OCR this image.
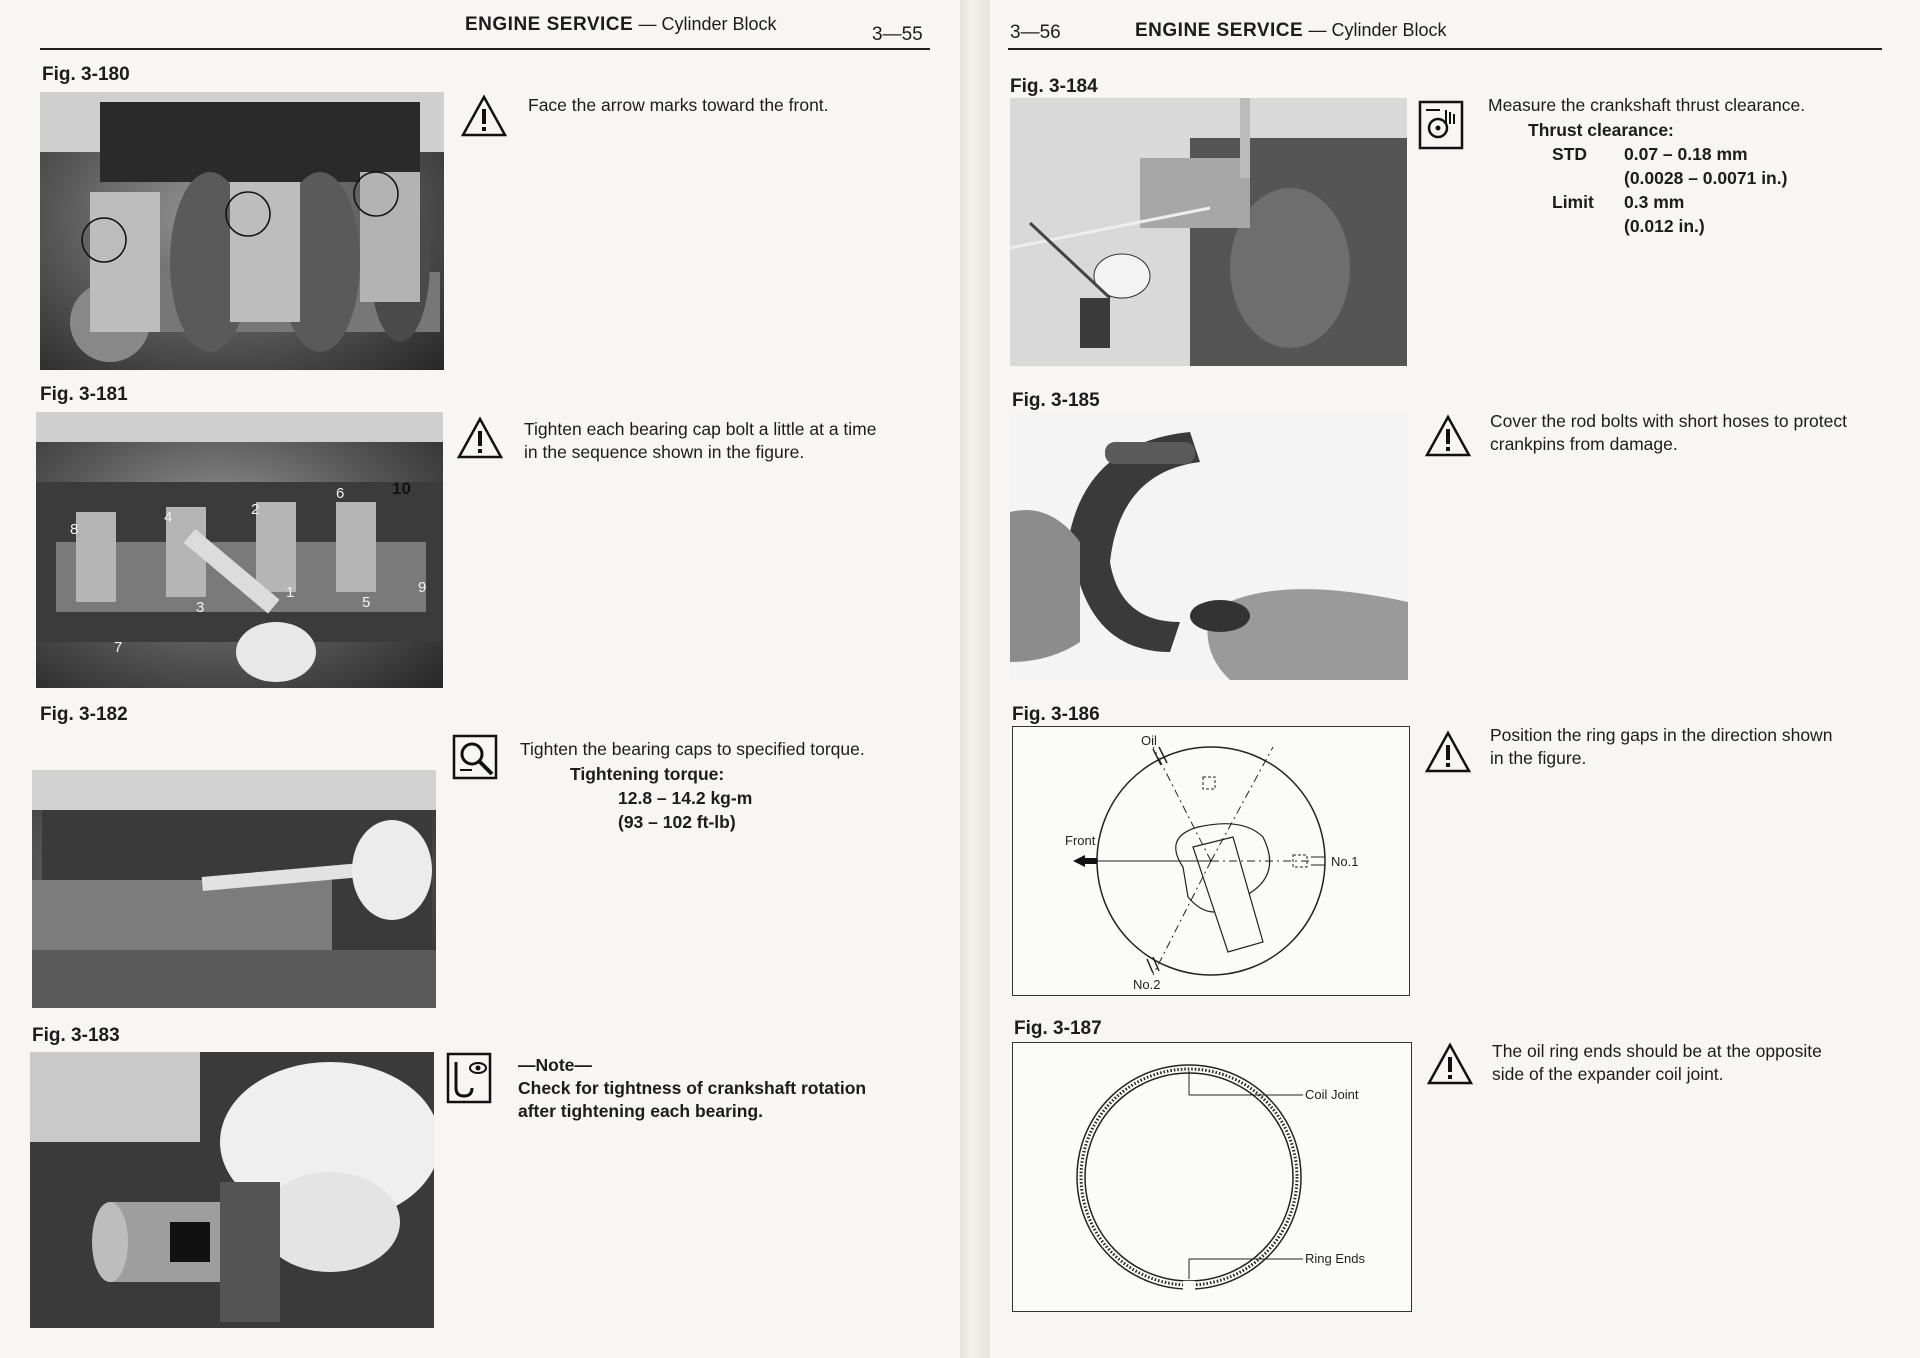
ENGINE SERVICE — Cylinder Block	3—55
Fig. 3-180
Face the arrow marks toward the front.
Fig. 3-181
1
2
3
4
5
6
7
8
9
10

Tighten each bearing cap bolt a little at a time

in the sequence shown in the figure.

Fig. 3-182
Tighten the bearing caps to specified torque.
Tightening torque:
12.8 – 14.2 kg-m
(93 – 102 ft-lb)
Fig. 3-183

—Note—

Check for tightness of crankshaft rotation

after tightening each bearing.

3—56	ENGINE SERVICE — Cylinder Block
Fig. 3-184
Measure the crankshaft thrust clearance.
Thrust clearance:
STD 0.07 – 0.18 mm
(0.0028 – 0.0071 in.)
Limit 0.3 mm
(0.012 in.)
Fig. 3-185

Cover the rod bolts with short hoses to protect

crankpins from damage.

Fig. 3-186
Oil
Front
No.1
No.2

Position the ring gaps in the direction shown

in the figure.

Fig. 3-187
Coil Joint
Ring Ends

The oil ring ends should be at the opposite

side of the expander coil joint.
